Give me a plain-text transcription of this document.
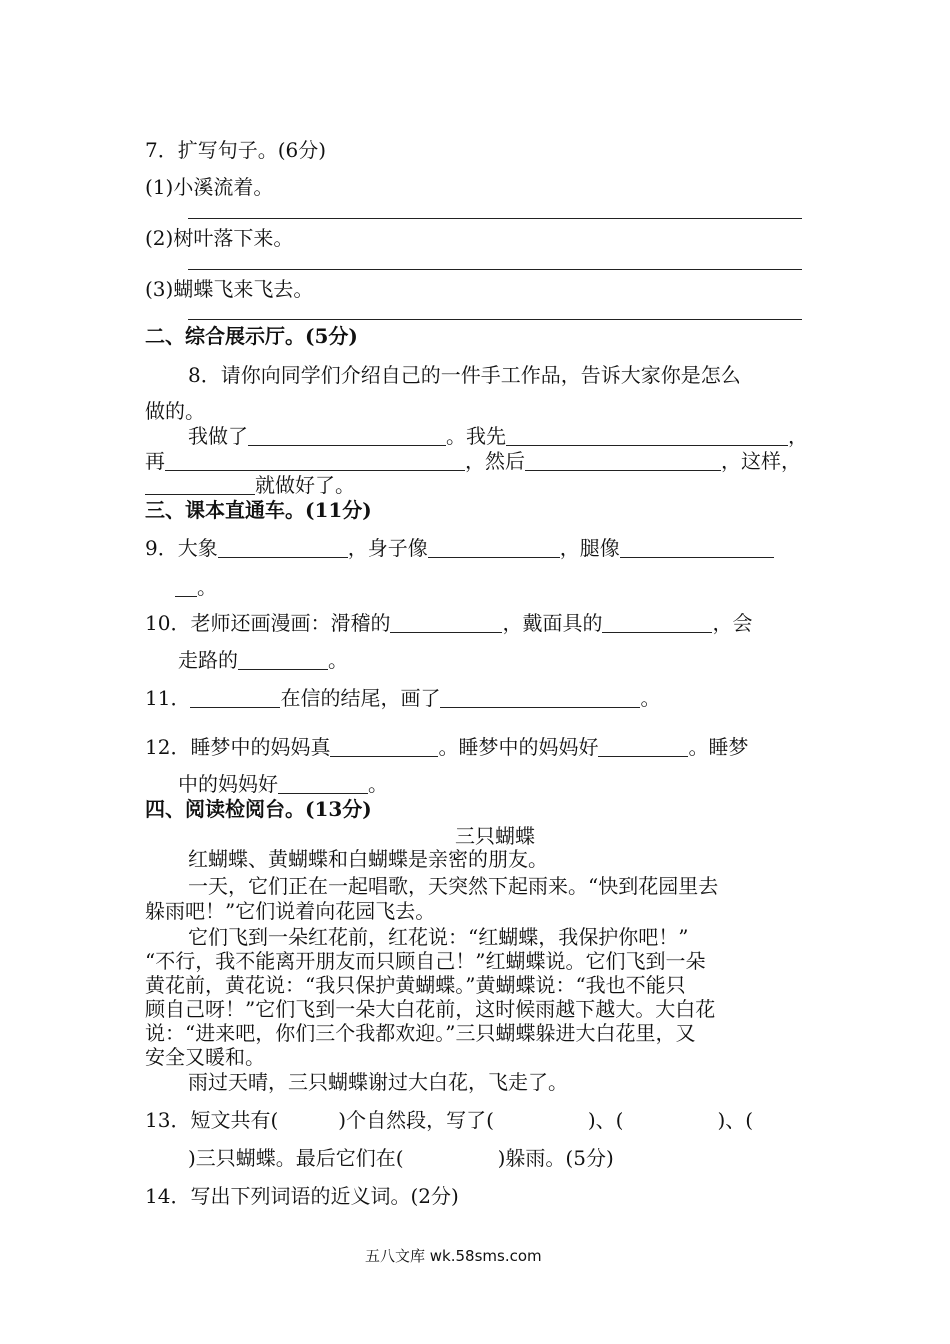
7．扩写句子。(6分)
(1)小溪流着。
(2)树叶落下来。
(3)蝴蝶飞来飞去。
二、综合展示厅。(5分)
8．请你向同学们介绍自己的一件手工作品，告诉大家你是怎么
做的。
我做了	。我先	，
再	，然后	，这样，
就做好了。
三、课本直通车。(11分)
9．大象	，身子像	，腿像
。
10．老师还画漫画：滑稽的	，戴面具的	，会
走路的	。
11．	在信的结尾，画了	。
12．睡梦中的妈妈真	。睡梦中的妈妈好	。睡梦
中的妈妈好	。
四、阅读检阅台。(13分)
三只蝴蝶
红蝴蝶、黄蝴蝶和白蝴蝶是亲密的朋友。
一天，它们正在一起唱歌，天突然下起雨来。“快到花园里去
躲雨吧！”它们说着向花园飞去。
它们飞到一朵红花前，红花说：“红蝴蝶，我保护你吧！”
“不行，我不能离开朋友而只顾自己！”红蝴蝶说。它们飞到一朵
黄花前，黄花说：“我只保护黄蝴蝶。”黄蝴蝶说：“我也不能只
顾自己呀！”它们飞到一朵大白花前，这时候雨越下越大。大白花
说：“进来吧，你们三个我都欢迎。”三只蝴蝶躲进大白花里，又
安全又暖和。
雨过天晴，三只蝴蝶谢过大白花，飞走了。
13．短文共有(	)个自然段，写了(	)、(	)、(
)三只蝴蝶。最后它们在(	)躲雨。(5分)
14．写出下列词语的近义词。(2分)
五八文库 wk.58sms.com
